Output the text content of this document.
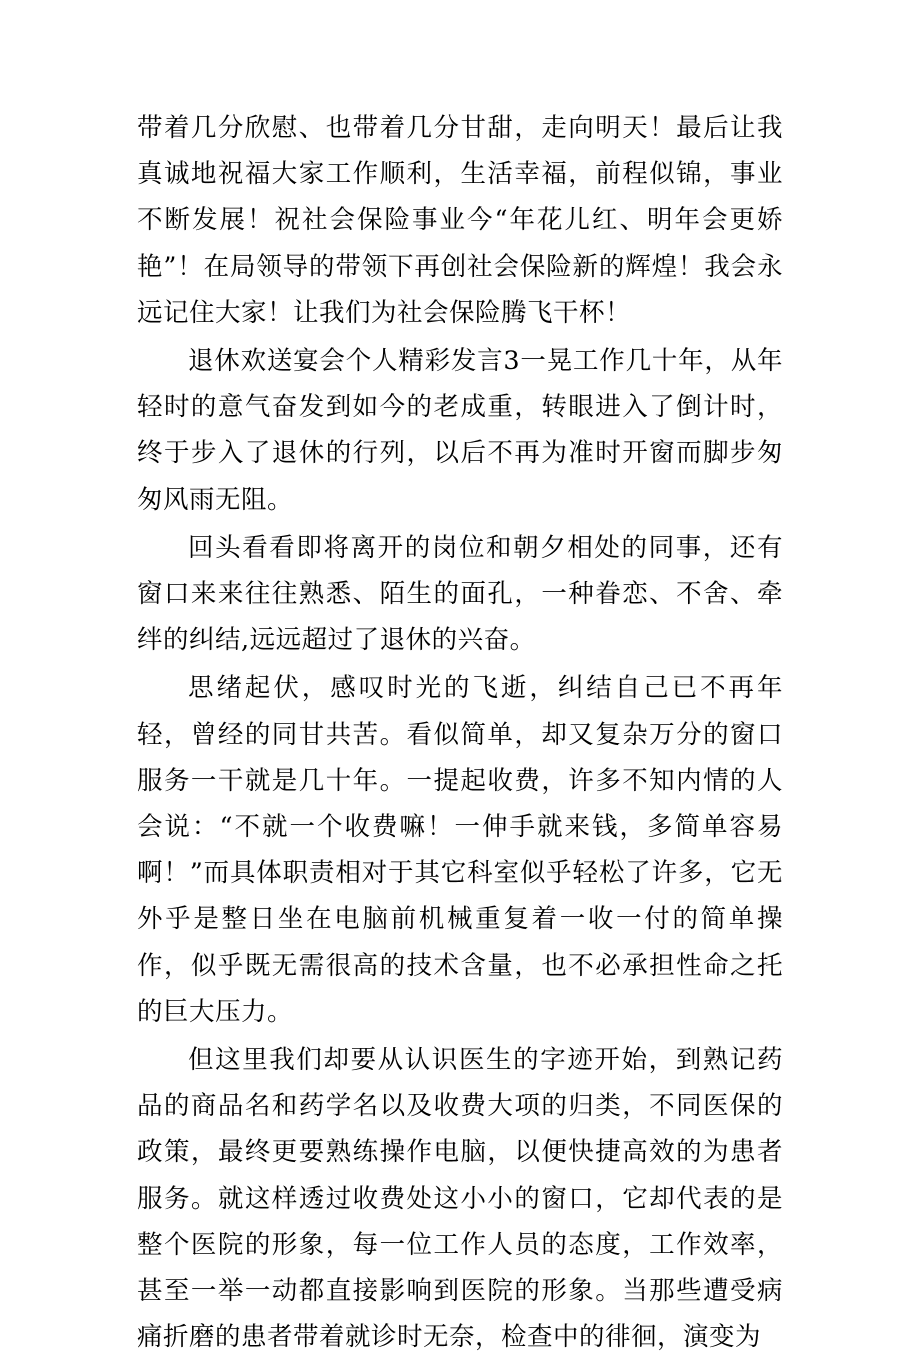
带着几分欣慰、也带着几分甘甜，走向明天！最后让我真诚地祝福大家工作顺利，生活幸福，前程似锦，事业不断发展！祝社会保险事业今“年花儿红、明年会更娇艳”！在局领导的带领下再创社会保险新的辉煌！我会永远记住大家！让我们为社会保险腾飞干杯！

退休欢送宴会个人精彩发言3一晃工作几十年，从年轻时的意气奋发到如今的老成重，转眼进入了倒计时，终于步入了退休的行列，以后不再为准时开窗而脚步匆匆风雨无阻。

回头看看即将离开的岗位和朝夕相处的同事，还有窗口来来往往熟悉、陌生的面孔，一种眷恋、不舍、牵绊的纠结,远远超过了退休的兴奋。

思绪起伏，感叹时光的飞逝，纠结自己已不再年轻，曾经的同甘共苦。看似简单，却又复杂万分的窗口服务一干就是几十年。一提起收费，许多不知内情的人会说：“不就一个收费嘛！一伸手就来钱，多简单容易啊！”而具体职责相对于其它科室似乎轻松了许多，它无外乎是整日坐在电脑前机械重复着一收一付的简单操作，似乎既无需很高的技术含量，也不必承担性命之托的巨大压力。

但这里我们却要从认识医生的字迹开始，到熟记药品的商品名和药学名以及收费大项的归类，不同医保的政策，最终更要熟练操作电脑，以便快捷高效的为患者服务。就这样透过收费处这小小的窗口，它却代表的是整个医院的形象，每一位工作人员的态度，工作效率，甚至一举一动都直接影响到医院的形象。当那些遭受病痛折磨的患者带着就诊时无奈，检查中的徘徊，演变为
